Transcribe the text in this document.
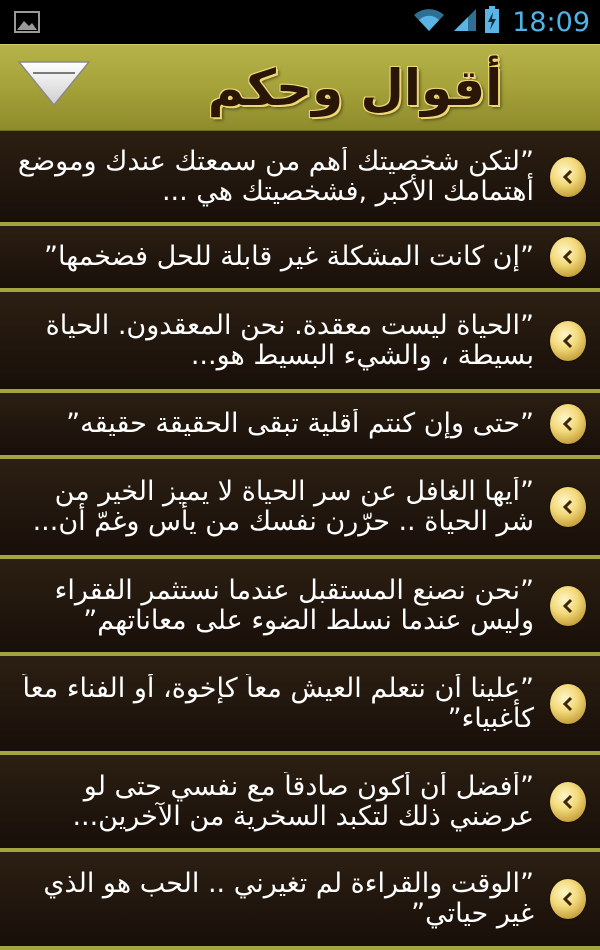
18:09
أقوال وحكم
”لتكن شخصيتك أهم من سمعتك عندك وموضع أهتمامك الأكبر ,فشخصيتك هي ...
”إن كانت المشكلة غير قابلة للحل فضخمها”
”الحياة ليست معقدة. نحن المعقدون. الحياة بسيطة ، والشيء البسيط هو...
”حتى وإن كنتم أقلية تبقى الحقيقة حقيقه”
”أيها الغافل عن سر الحياة لا يميز الخير من شر الحياة .. حرّرن نفسك من يأس وغمّ أن...
”نحن نصنع المستقبل عندما نستثمر الفقراء وليس عندما نسلط الضوء على معاناتهم”
”علينا أن نتعلم العيش معاً كإخوة، أو الفناء معاً كأغبياء”
”أفضل أن أكون صادقاً مع نفسي حتى لو عرضني ذلك لتكبد السخرية من الآخرين...
”الوقت والقراءة لم تغيرني .. الحب هو الذي غير حياتي”
